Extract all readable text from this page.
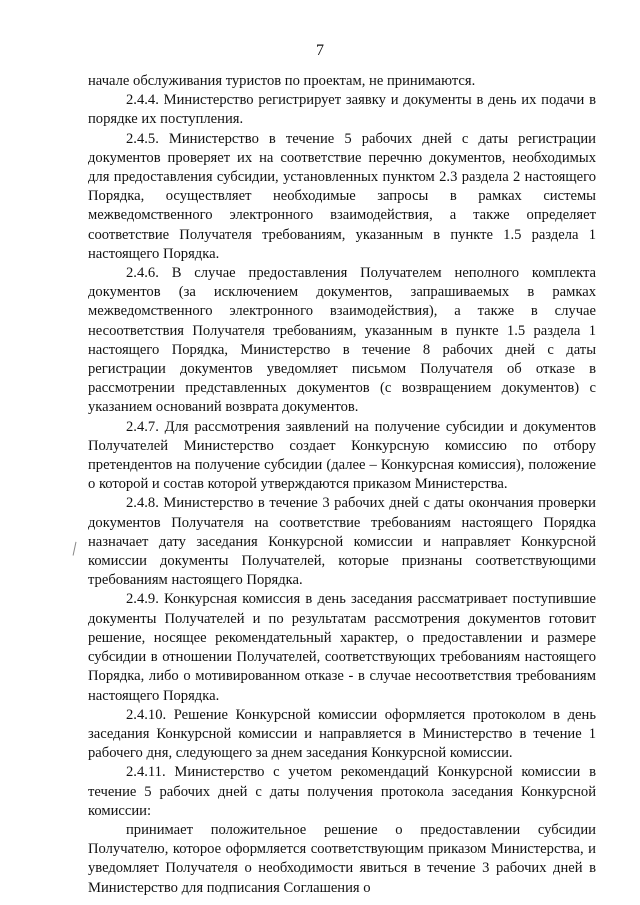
7

начале обслуживания туристов по проектам, не принимаются.

2.4.4. Министерство регистрирует заявку и документы в день их подачи в порядке их поступления.

2.4.5. Министерство в течение 5 рабочих дней с даты регистрации документов проверяет их на соответствие перечню документов, необходимых для предоставления субсидии, установленных пунктом 2.3 раздела 2 настоящего Порядка, осуществляет необходимые запросы в рамках системы межведомственного электронного взаимодействия, а также определяет соответствие Получателя требованиям, указанным в пункте 1.5 раздела 1 настоящего Порядка.

2.4.6. В случае предоставления Получателем неполного комплекта документов (за исключением документов, запрашиваемых в рамках межведомственного электронного взаимодействия), а также в случае несоответствия Получателя требованиям, указанным в пункте 1.5 раздела 1 настоящего Порядка, Министерство в течение 8 рабочих дней с даты регистрации документов уведомляет письмом Получателя об отказе в рассмотрении представленных документов (с возвращением документов) с указанием оснований возврата документов.

2.4.7. Для рассмотрения заявлений на получение субсидии и документов Получателей Министерство создает Конкурсную комиссию по отбору претендентов на получение субсидии (далее – Конкурсная комиссия), положение о которой и состав которой утверждаются приказом Министерства.

2.4.8. Министерство в течение 3 рабочих дней с даты окончания проверки документов Получателя на соответствие требованиям настоящего Порядка назначает дату заседания Конкурсной комиссии и направляет Конкурсной комиссии документы Получателей, которые признаны соответствующими требованиям настоящего Порядка.

2.4.9. Конкурсная комиссия в день заседания рассматривает поступившие документы Получателей и по результатам рассмотрения документов готовит решение, носящее рекомендательный характер, о предоставлении и размере субсидии в отношении Получателей, соответствующих требованиям настоящего Порядка, либо о мотивированном отказе - в случае несоответствия требованиям настоящего Порядка.

2.4.10. Решение Конкурсной комиссии оформляется протоколом в день заседания Конкурсной комиссии и направляется в Министерство в течение 1 рабочего дня, следующего за днем заседания Конкурсной комиссии.

2.4.11. Министерство с учетом рекомендаций Конкурсной комиссии в течение 5 рабочих дней с даты получения протокола заседания Конкурсной комиссии:

принимает положительное решение о предоставлении субсидии Получателю, которое оформляется соответствующим приказом Министерства, и уведомляет Получателя о необходимости явиться в течение 3 рабочих дней в Министерство для подписания Соглашения о
